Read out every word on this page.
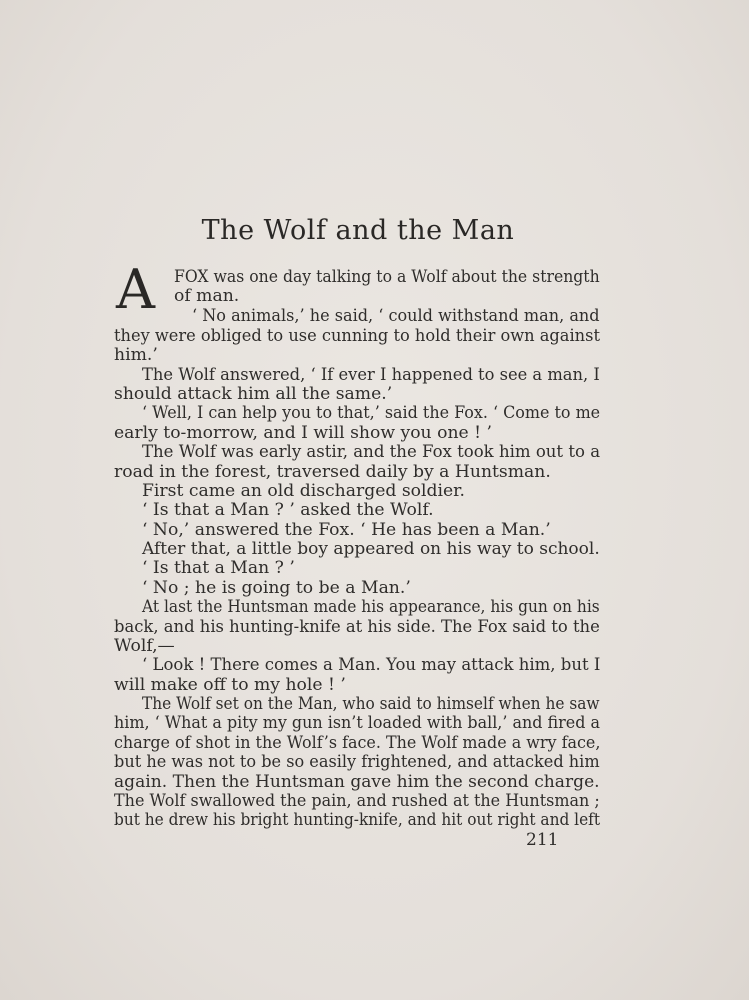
The Wolf and the Man
A FOX was one day talking to a Wolf about the strength
of man.
‘ No animals,’ he said, ‘ could withstand man, and
they were obliged to use cunning to hold their own against
him.’
The Wolf answered, ‘ If ever I happened to see a man, I
should attack him all the same.’
‘ Well, I can help you to that,’ said the Fox. ‘ Come to me
early to-morrow, and I will show you one ! ’
The Wolf was early astir, and the Fox took him out to a
road in the forest, traversed daily by a Huntsman.
First came an old discharged soldier.
‘ Is that a Man ? ’ asked the Wolf.
‘ No,’ answered the Fox. ‘ He has been a Man.’
After that, a little boy appeared on his way to school.
‘ Is that a Man ? ’
‘ No ; he is going to be a Man.’
At last the Huntsman made his appearance, his gun on his
back, and his hunting-knife at his side. The Fox said to the
Wolf,—
‘ Look ! There comes a Man. You may attack him, but I
will make off to my hole ! ’
The Wolf set on the Man, who said to himself when he saw
him, ‘ What a pity my gun isn’t loaded with ball,’ and fired a
charge of shot in the Wolf’s face. The Wolf made a wry face,
but he was not to be so easily frightened, and attacked him
again. Then the Huntsman gave him the second charge.
The Wolf swallowed the pain, and rushed at the Huntsman ;
but he drew his bright hunting-knife, and hit out right and left
211
